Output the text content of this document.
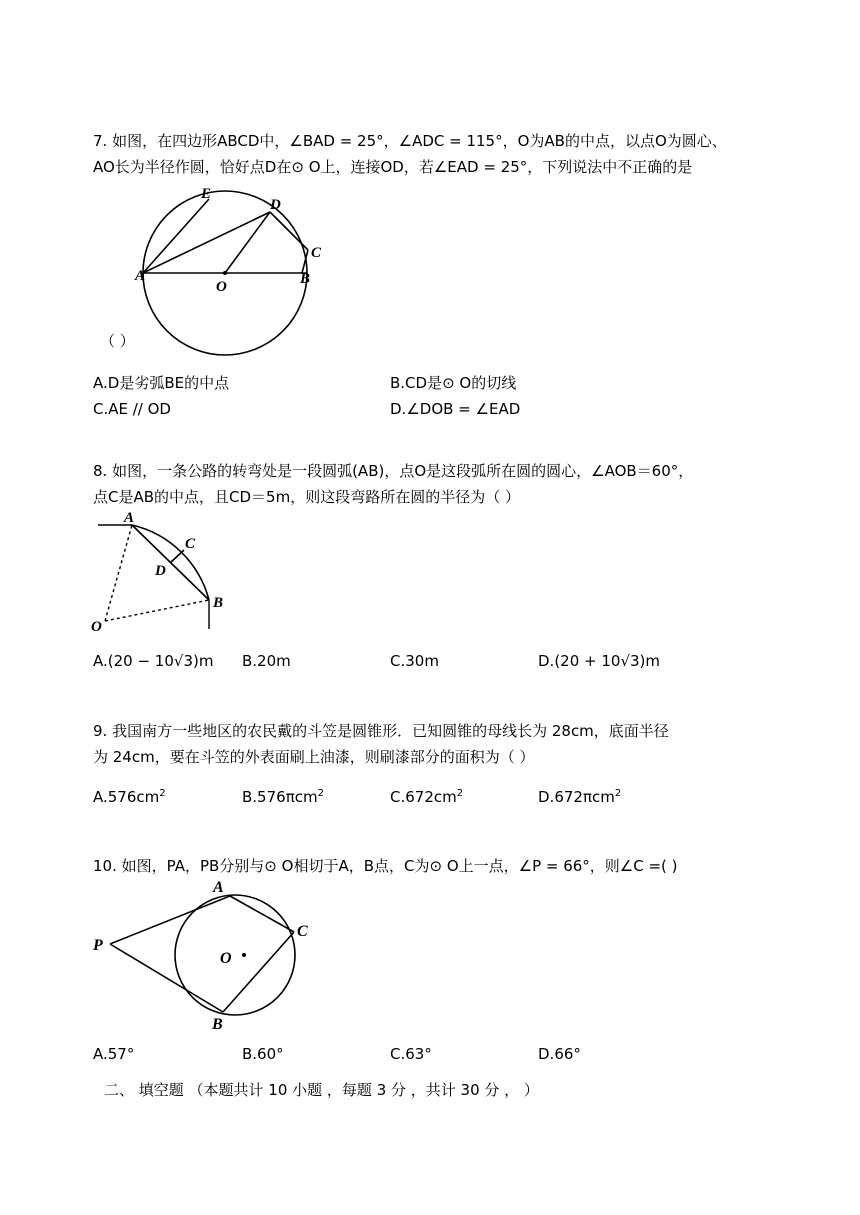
7. 如图，在四边形ABCD中，∠BAD = 25°，∠ADC = 115°，O为AB的中点，以点O为圆心、
AO长为半径作圆，恰好点D在⊙ O上，连接OD，若∠EAD = 25°，下列说法中不正确的是
E
D
C
A
O	B
（ ）
A.D是劣弧BE的中点	B.CD是⊙ O的切线
C.AE // OD	D.∠DOB = ∠EAD
8. 如图，一条公路的转弯处是一段圆弧(AB)，点O是这段弧所在圆的圆心，∠AOB＝60°，
点C是AB的中点，且CD＝5m，则这段弯路所在圆的半径为（ ）
A
C
D
B
O
A.(20 − 10√3)m B.20m	C.30m	D.(20 + 10√3)m
9. 我国南方一些地区的农民戴的斗笠是圆锥形．已知圆锥的母线长为 28cm，底面半径
为 24cm，要在斗笠的外表面刷上油漆，则刷漆部分的面积为（ ）
$A.576cm^2$	B.576πcm$^2$	$C.672cm^2$	D.672πcm$^2$
10. 如图，PA，PB分别与⊙ O相切于A，B点，C为⊙ O上一点，∠P = 66°，则∠C =( )
A
P
O
C
B
A.57°	B.60°	C.63°	D.66°
二、 填空题 （本题共计 10 小题 ，每题 3 分 ，共计 30 分 ， ）
